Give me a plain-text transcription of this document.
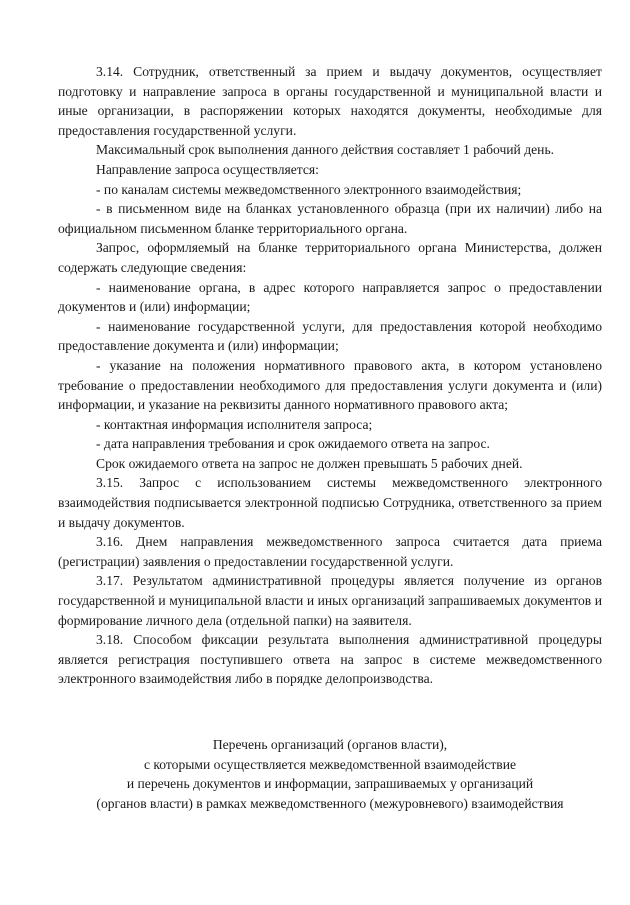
3.14. Сотрудник, ответственный за прием и выдачу документов, осуществляет подготовку и направление запроса в органы государственной и муниципальной власти и иные организации, в распоряжении которых находятся документы, необходимые для предоставления государственной услуги.

Максимальный срок выполнения данного действия составляет 1 рабочий день.

Направление запроса осуществляется:

- по каналам системы межведомственного электронного взаимодействия;

- в письменном виде на бланках установленного образца (при их наличии) либо на официальном письменном бланке территориального органа.

Запрос, оформляемый на бланке территориального органа Министерства, должен содержать следующие сведения:

- наименование органа, в адрес которого направляется запрос о предоставлении документов и (или) информации;

- наименование государственной услуги, для предоставления которой необходимо предоставление документа и (или) информации;

- указание на положения нормативного правового акта, в котором установлено требование о предоставлении необходимого для предоставления услуги документа и (или) информации, и указание на реквизиты данного нормативного правового акта;

- контактная информация исполнителя запроса;

- дата направления требования и срок ожидаемого ответа на запрос.

Срок ожидаемого ответа на запрос не должен превышать 5 рабочих дней.

3.15. Запрос с использованием системы межведомственного электронного взаимодействия подписывается электронной подписью Сотрудника, ответственного за прием и выдачу документов.

3.16. Днем направления межведомственного запроса считается дата приема (регистрации) заявления о предоставлении государственной услуги.

3.17. Результатом административной процедуры является получение из органов государственной и муниципальной власти и иных организаций запрашиваемых документов и формирование личного дела (отдельной папки) на заявителя.

3.18. Способом фиксации результата выполнения административной процедуры является регистрация поступившего ответа на запрос в системе межведомственного электронного взаимодействия либо в порядке делопроизводства.

Перечень организаций (органов власти),
с которыми осуществляется межведомственной взаимодействие
и перечень документов и информации, запрашиваемых у организаций
(органов власти) в рамках межведомственного (межуровневого) взаимодействия
